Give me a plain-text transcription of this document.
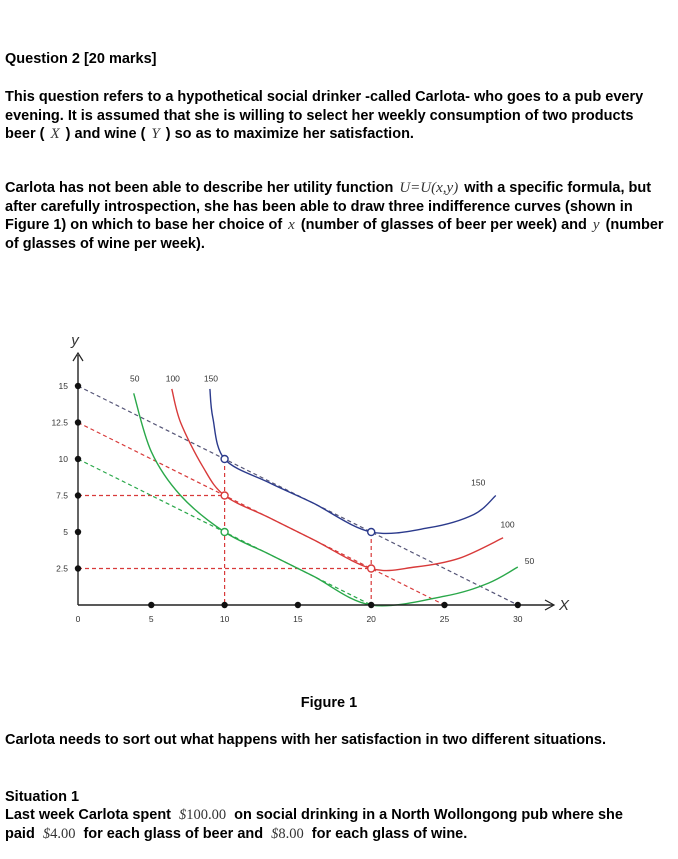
Question 2 [20 marks]
This question refers to a hypothetical social drinker -called Carlota- who goes to a pub every evening. It is assumed that she is willing to select her weekly consumption of two products beer ( X ) and wine ( Y ) so as to maximize her satisfaction.
Carlota has not been able to describe her utility function U=U(x,y) with a specific formula, but after carefully introspection, she has been able to draw three indifference curves (shown in Figure 1) on which to base her choice of x (number of glasses of beer per week) and y (number of glasses of wine per week).
y
X
0	5	10	15	20	25	30
2.5
5
7.5
10
12.5
15
50	100	150
150
100
50
Figure 1
Carlota needs to sort out what happens with her satisfaction in two different situations.
Situation 1
Last week Carlota spent $100.00 on social drinking in a North Wollongong pub where she paid $4.00 for each glass of beer and $8.00 for each glass of wine.
